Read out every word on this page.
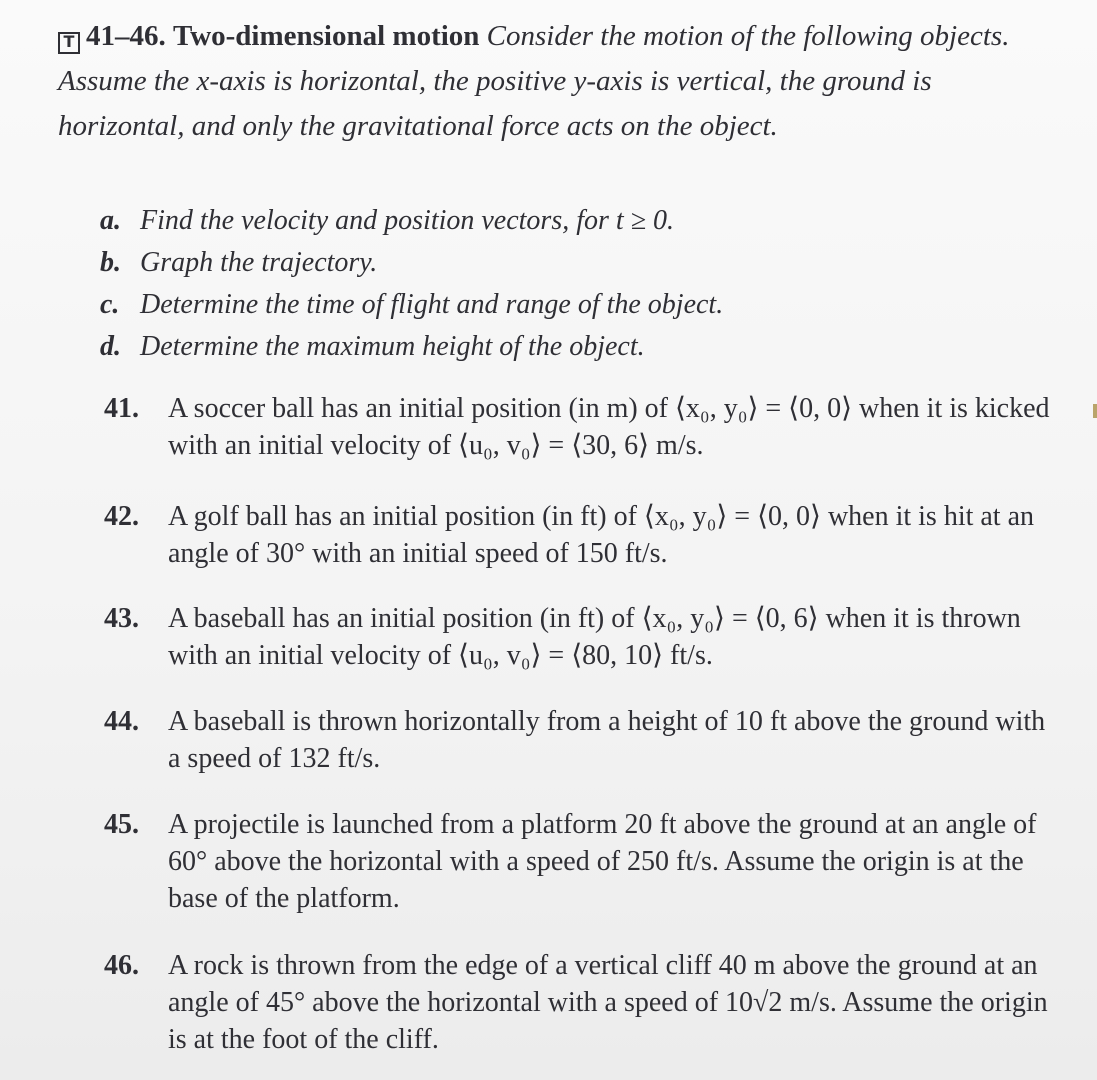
T 41–46. Two-dimensional motion Consider the motion of the following objects. Assume the x-axis is horizontal, the positive y-axis is vertical, the ground is horizontal, and only the gravitational force acts on the object.
a. Find the velocity and position vectors, for t ≥ 0.
b. Graph the trajectory.
c. Determine the time of flight and range of the object.
d. Determine the maximum height of the object.
41. A soccer ball has an initial position (in m) of ⟨x₀, y₀⟩ = ⟨0, 0⟩ when it is kicked with an initial velocity of ⟨u₀, v₀⟩ = ⟨30, 6⟩ m/s.
42. A golf ball has an initial position (in ft) of ⟨x₀, y₀⟩ = ⟨0, 0⟩ when it is hit at an angle of 30° with an initial speed of 150 ft/s.
43. A baseball has an initial position (in ft) of ⟨x₀, y₀⟩ = ⟨0, 6⟩ when it is thrown with an initial velocity of ⟨u₀, v₀⟩ = ⟨80, 10⟩ ft/s.
44. A baseball is thrown horizontally from a height of 10 ft above the ground with a speed of 132 ft/s.
45. A projectile is launched from a platform 20 ft above the ground at an angle of 60° above the horizontal with a speed of 250 ft/s. Assume the origin is at the base of the platform.
46. A rock is thrown from the edge of a vertical cliff 40 m above the ground at an angle of 45° above the horizontal with a speed of 10√2 m/s. Assume the origin is at the foot of the cliff.
